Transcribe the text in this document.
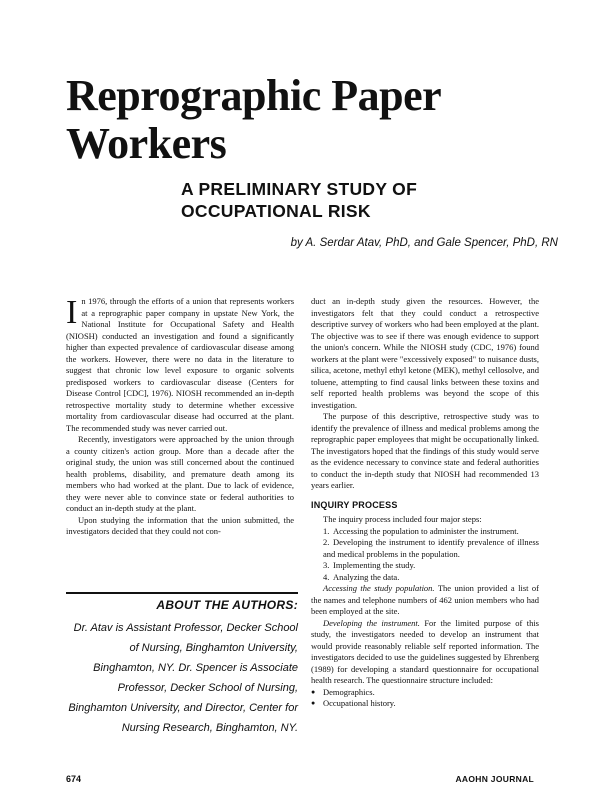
Reprographic Paper
Workers
A PRELIMINARY STUDY OF
OCCUPATIONAL RISK

by A. Serdar Atav, PhD, and Gale Spencer, PhD, RN

In 1976, through the efforts of a union that represents workers at a reprographic paper company in upstate New York, the National Institute for Occupational Safety and Health (NIOSH) conducted an investigation and found a significantly higher than expected prevalence of cardiovascular disease among the workers. However, there were no data in the literature to suggest that chronic low level exposure to organic solvents predisposed workers to cardiovascular disease (Centers for Disease Control [CDC], 1976). NIOSH recommended an in-depth retrospective mortality study to determine whether excessive mortality from cardiovascular disease had occurred at the plant. The recommended study was never carried out.

Recently, investigators were approached by the union through a county citizen's action group. More than a decade after the original study, the union was still concerned about the continued health problems, disability, and premature death among its members who had worked at the plant. Due to lack of evidence, they were never able to convince state or federal authorities to conduct an in-depth study at the plant.

Upon studying the information that the union submitted, the investigators decided that they could not con-

ABOUT THE AUTHORS:

Dr. Atav is Assistant Professor, Decker School
of Nursing, Binghamton University,
Binghamton, NY. Dr. Spencer is Associate
Professor, Decker School of Nursing,
Binghamton University, and Director, Center for
Nursing Research, Binghamton, NY.

duct an in-depth study given the resources. However, the investigators felt that they could conduct a retrospective descriptive survey of workers who had been employed at the plant. The objective was to see if there was enough evidence to support the union's concern. While the NIOSH study (CDC, 1976) found workers at the plant were "excessively exposed" to nuisance dusts, silica, acetone, methyl ethyl ketone (MEK), methyl cellosolve, and toluene, attempting to find causal links between these toxins and self reported health problems was beyond the scope of this investigation.

The purpose of this descriptive, retrospective study was to identify the prevalence of illness and medical problems among the reprographic paper employees that might be occupationally linked. The investigators hoped that the findings of this study would serve as the evidence necessary to convince state and federal authorities to conduct the in-depth study that NIOSH had recommended 13 years earlier.

INQUIRY PROCESS

The inquiry process included four major steps:

1. Accessing the population to administer the instrument.
2. Developing the instrument to identify prevalence of illness and medical problems in the population.
3. Implementing the study.
4. Analyzing the data.

Accessing the study population. The union provided a list of the names and telephone numbers of 462 union members who had been employed at the site.

Developing the instrument. For the limited purpose of this study, the investigators needed to develop an instrument that would provide reasonably reliable self reported information. The investigators decided to use the guidelines suggested by Ehrenberg (1989) for developing a standard questionnaire for occupational health research. The questionnaire structure included:

● Demographics.
● Occupational history.
674	AAOHN JOURNAL
